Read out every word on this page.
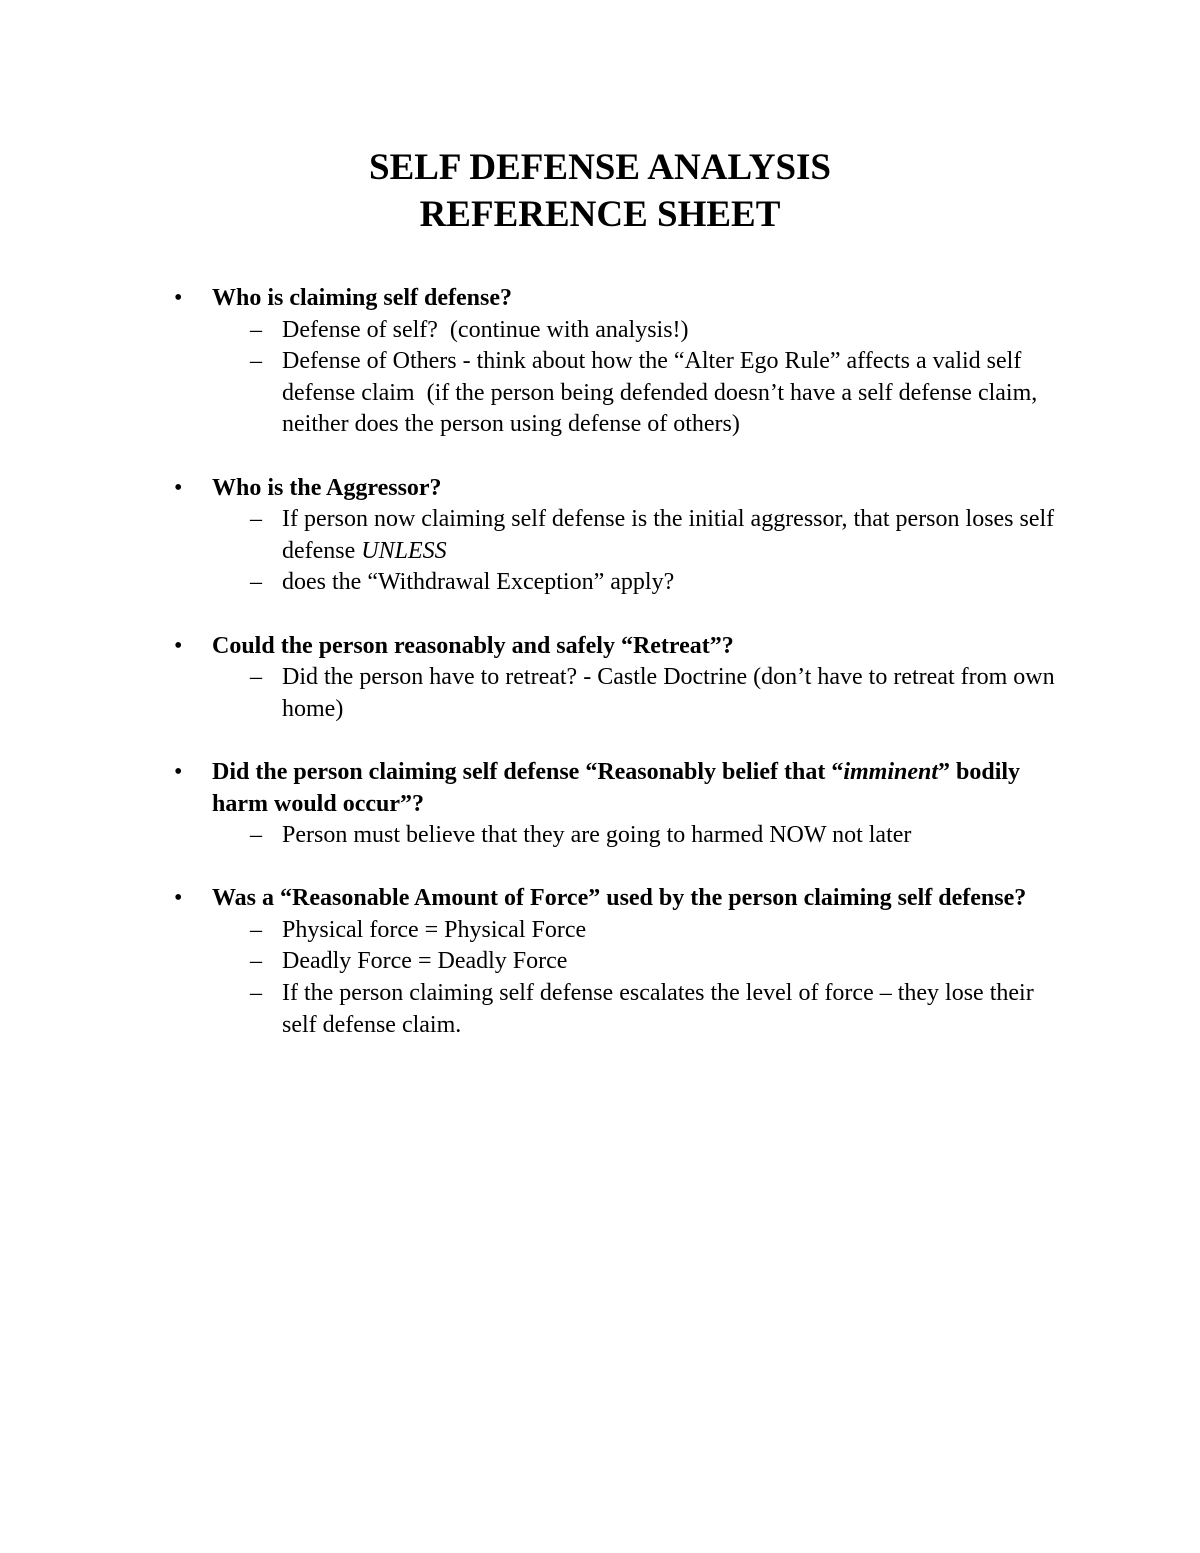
SELF DEFENSE ANALYSIS
REFERENCE SHEET
• Who is claiming self defense?
– Defense of self?  (continue with analysis!)
– Defense of Others - think about how the “Alter Ego Rule” affects a valid self defense claim  (if the person being defended doesn’t have a self defense claim, neither does the person using defense of others)
• Who is the Aggressor?
– If person now claiming self defense is the initial aggressor, that person loses self defense UNLESS
– does the “Withdrawal Exception” apply?
• Could the person reasonably and safely “Retreat”?
– Did the person have to retreat? - Castle Doctrine (don’t have to retreat from own home)
• Did the person claiming self defense “Reasonably belief that “imminent” bodily harm would occur”?
– Person must believe that they are going to harmed NOW not later
• Was a “Reasonable Amount of Force” used by the person claiming self defense?
– Physical force = Physical Force
– Deadly Force = Deadly Force
– If the person claiming self defense escalates the level of force – they lose their self defense claim.
